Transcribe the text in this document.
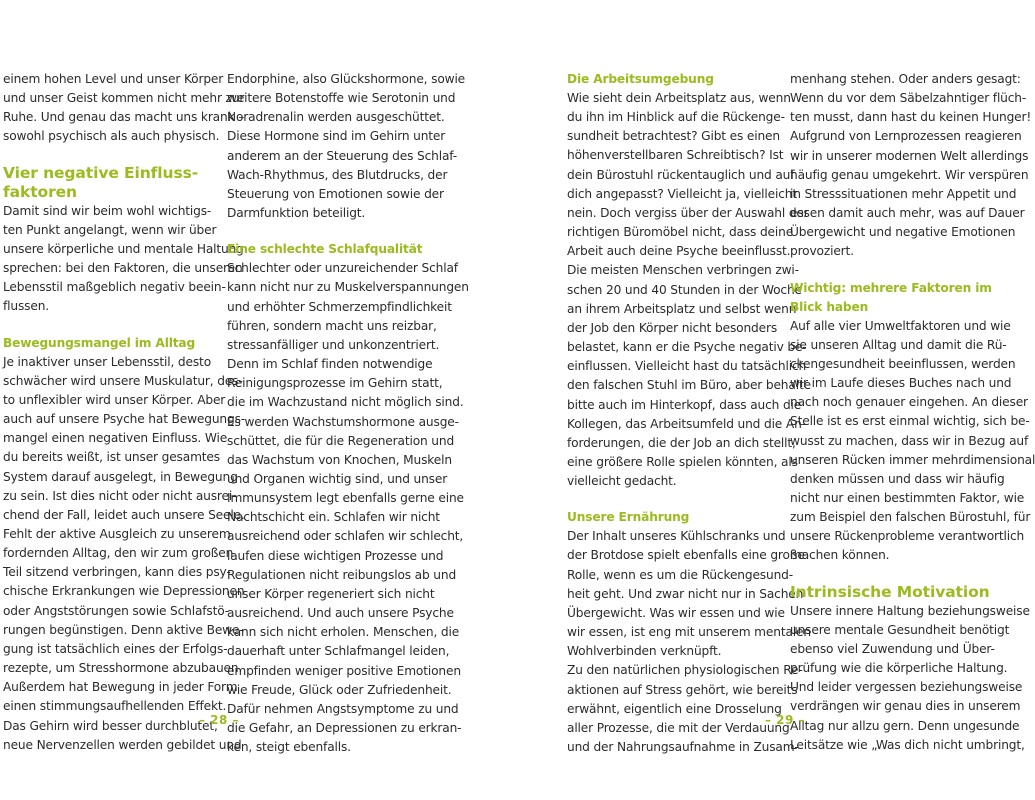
einem hohen Level und unser Körper
und unser Geist kommen nicht mehr zur
Ruhe. Und genau das macht uns krank –
sowohl psychisch als auch physisch.
Vier negative Einfluss-
faktoren
Damit sind wir beim wohl wichtigs-
ten Punkt angelangt, wenn wir über
unsere körperliche und mentale Haltung
sprechen: bei den Faktoren, die unseren
Lebensstil maßgeblich negativ beein-
flussen.
Bewegungsmangel im Alltag
Je inaktiver unser Lebensstil, desto
schwächer wird unsere Muskulatur, des-
to unflexibler wird unser Körper. Aber
auch auf unsere Psyche hat Bewegungs-
mangel einen negativen Einfluss. Wie
du bereits weißt, ist unser gesamtes
System darauf ausgelegt, in Bewegung
zu sein. Ist dies nicht oder nicht ausrei-
chend der Fall, leidet auch unsere Seele.
Fehlt der aktive Ausgleich zu unserem
fordernden Alltag, den wir zum großen
Teil sitzend verbringen, kann dies psy-
chische Erkrankungen wie Depressionen
oder Angststörungen sowie Schlafstö-
rungen begünstigen. Denn aktive Bewe-
gung ist tatsächlich eines der Erfolgs-
rezepte, um Stresshormone abzubauen.
Außerdem hat Bewegung in jeder Form
einen stimmungsaufhellenden Effekt.
Das Gehirn wird besser durchblutet,
neue Nervenzellen werden gebildet und
Endorphine, also Glückshormone, sowie
weitere Botenstoffe wie Serotonin und
Noradrenalin werden ausgeschüttet.
Diese Hormone sind im Gehirn unter
anderem an der Steuerung des Schlaf-
Wach-Rhythmus, des Blutdrucks, der
Steuerung von Emotionen sowie der
Darmfunktion beteiligt.
Eine schlechte Schlafqualität
Schlechter oder unzureichender Schlaf
kann nicht nur zu Muskelverspannungen
und erhöhter Schmerzempfindlichkeit
führen, sondern macht uns reizbar,
stressanfälliger und unkonzentriert.
Denn im Schlaf finden notwendige
Reinigungsprozesse im Gehirn statt,
die im Wachzustand nicht möglich sind.
Es werden Wachstumshormone ausge-
schüttet, die für die Regeneration und
das Wachstum von Knochen, Muskeln
und Organen wichtig sind, und unser
Immunsystem legt ebenfalls gerne eine
Nachtschicht ein. Schlafen wir nicht
ausreichend oder schlafen wir schlecht,
laufen diese wichtigen Prozesse und
Regulationen nicht reibungslos ab und
unser Körper regeneriert sich nicht
ausreichend. Und auch unsere Psyche
kann sich nicht erholen. Menschen, die
dauerhaft unter Schlafmangel leiden,
empfinden weniger positive Emotionen
wie Freude, Glück oder Zufriedenheit.
Dafür nehmen Angstsymptome zu und
die Gefahr, an Depressionen zu erkran-
ken, steigt ebenfalls.
Die Arbeitsumgebung
Wie sieht dein Arbeitsplatz aus, wenn
du ihn im Hinblick auf die Rückenge-
sundheit betrachtest? Gibt es einen
höhenverstellbaren Schreibtisch? Ist
dein Bürostuhl rückentauglich und auf
dich angepasst? Vielleicht ja, vielleicht
nein. Doch vergiss über der Auswahl der
richtigen Büromöbel nicht, dass deine
Arbeit auch deine Psyche beeinflusst.
Die meisten Menschen verbringen zwi-
schen 20 und 40 Stunden in der Woche
an ihrem Arbeitsplatz und selbst wenn
der Job den Körper nicht besonders
belastet, kann er die Psyche negativ be-
einflussen. Vielleicht hast du tatsächlich
den falschen Stuhl im Büro, aber behalte
bitte auch im Hinterkopf, dass auch die
Kollegen, das Arbeitsumfeld und die An-
forderungen, die der Job an dich stellt,
eine größere Rolle spielen könnten, als
vielleicht gedacht.
Unsere Ernährung
Der Inhalt unseres Kühlschranks und
der Brotdose spielt ebenfalls eine große
Rolle, wenn es um die Rückengesund-
heit geht. Und zwar nicht nur in Sachen
Übergewicht. Was wir essen und wie
wir essen, ist eng mit unserem mentalen
Wohlverbinden verknüpft.
Zu den natürlichen physiologischen Re-
aktionen auf Stress gehört, wie bereits
erwähnt, eigentlich eine Drosselung
aller Prozesse, die mit der Verdauung
und der Nahrungsaufnahme in Zusam-
menhang stehen. Oder anders gesagt:
Wenn du vor dem Säbelzahntiger flüch-
ten musst, dann hast du keinen Hunger!
Aufgrund von Lernprozessen reagieren
wir in unserer modernen Welt allerdings
häufig genau umgekehrt. Wir verspüren
in Stresssituationen mehr Appetit und
essen damit auch mehr, was auf Dauer
Übergewicht und negative Emotionen
provoziert.
Wichtig: mehrere Faktoren im
Blick haben
Auf alle vier Umweltfaktoren und wie
sie unseren Alltag und damit die Rü-
ckengesundheit beeinflussen, werden
wir im Laufe dieses Buches nach und
nach noch genauer eingehen. An dieser
Stelle ist es erst einmal wichtig, sich be-
wusst zu machen, dass wir in Bezug auf
unseren Rücken immer mehrdimensional
denken müssen und dass wir häufig
nicht nur einen bestimmten Faktor, wie
zum Beispiel den falschen Bürostuhl, für
unsere Rückenprobleme verantwortlich
machen können.
Intrinsische Motivation
Unsere innere Haltung beziehungsweise
unsere mentale Gesundheit benötigt
ebenso viel Zuwendung und Über-
prüfung wie die körperliche Haltung.
Und leider vergessen beziehungsweise
verdrängen wir genau dies in unserem
Alltag nur allzu gern. Denn ungesunde
Leitsätze wie „Was dich nicht umbringt,
– 28 –	– 29 –
